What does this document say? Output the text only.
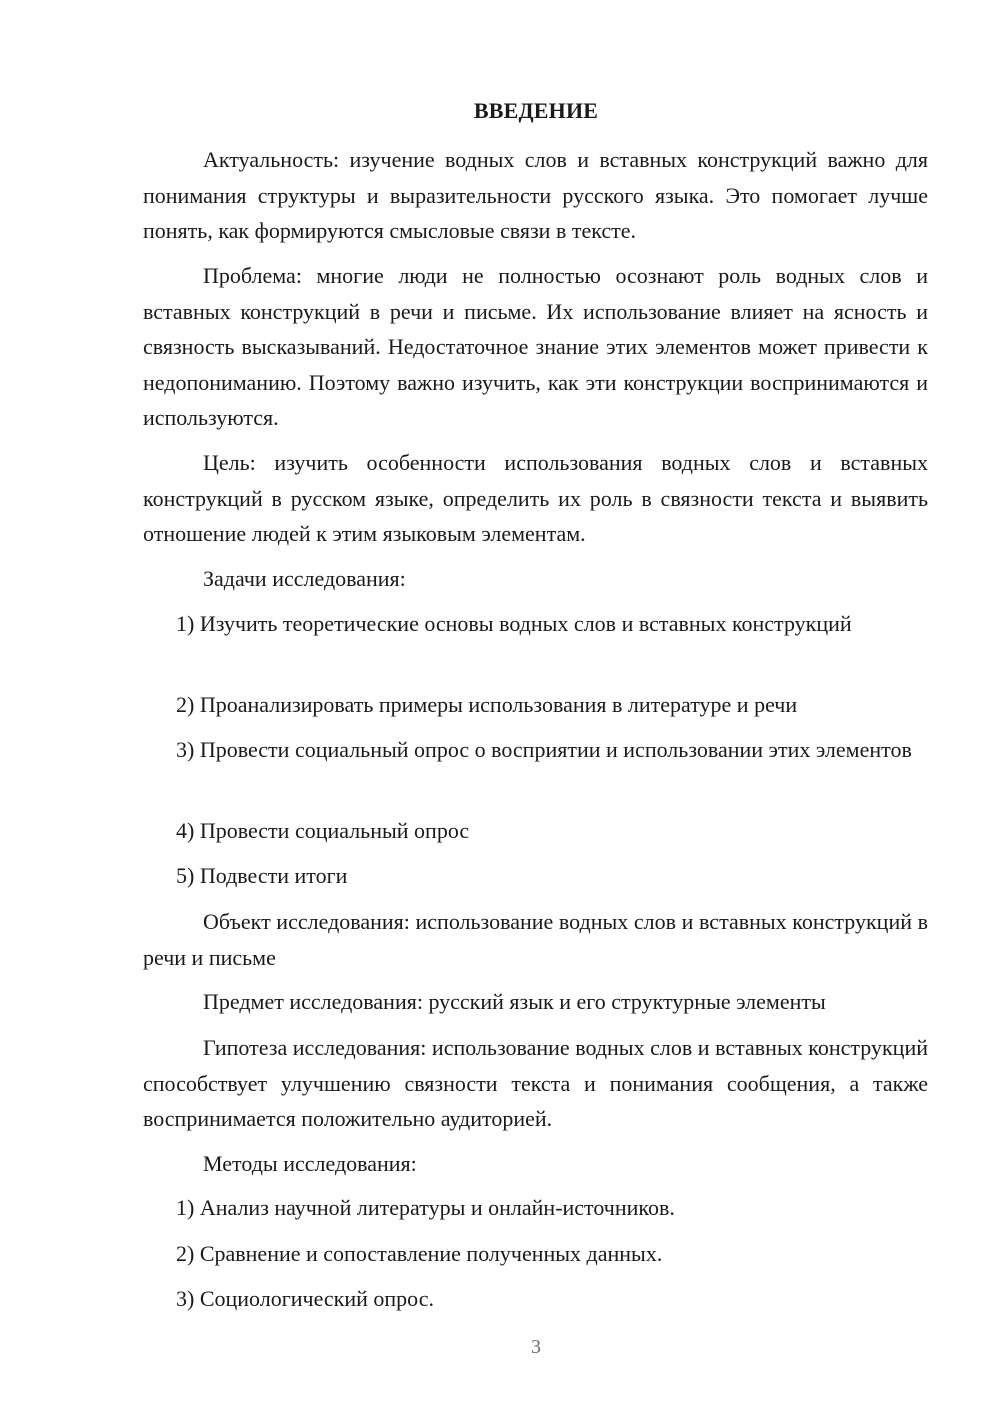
ВВЕДЕНИЕ

Актуальность: изучение водных слов и вставных конструкций важно для понимания структуры и выразительности русского языка. Это помогает лучше понять, как формируются смысловые связи в тексте.

Проблема: многие люди не полностью осознают роль водных слов и вставных конструкций в речи и письме. Их использование влияет на ясность и связность высказываний. Недостаточное знание этих элементов может привести к недопониманию. Поэтому важно изучить, как эти конструкции воспринимаются и используются.

Цель: изучить особенности использования водных слов и вставных конструкций в русском языке, определить их роль в связности текста и выявить отношение людей к этим языковым элементам.

Задачи исследования:

1) Изучить теоретические основы водных слов и вставных конструкций

2) Проанализировать примеры использования в литературе и речи

3) Провести социальный опрос о восприятии и использовании этих элементов

4) Провести социальный опрос

5) Подвести итоги

Объект исследования: использование водных слов и вставных конструкций в речи и письме

Предмет исследования: русский язык и его структурные элементы

Гипотеза исследования: использование водных слов и вставных конструкций способствует улучшению связности текста и понимания сообщения, а также воспринимается положительно аудиторией.

Методы исследования:

1) Анализ научной литературы и онлайн-источников.

2) Сравнение и сопоставление полученных данных.

3) Социологический опрос.

3
